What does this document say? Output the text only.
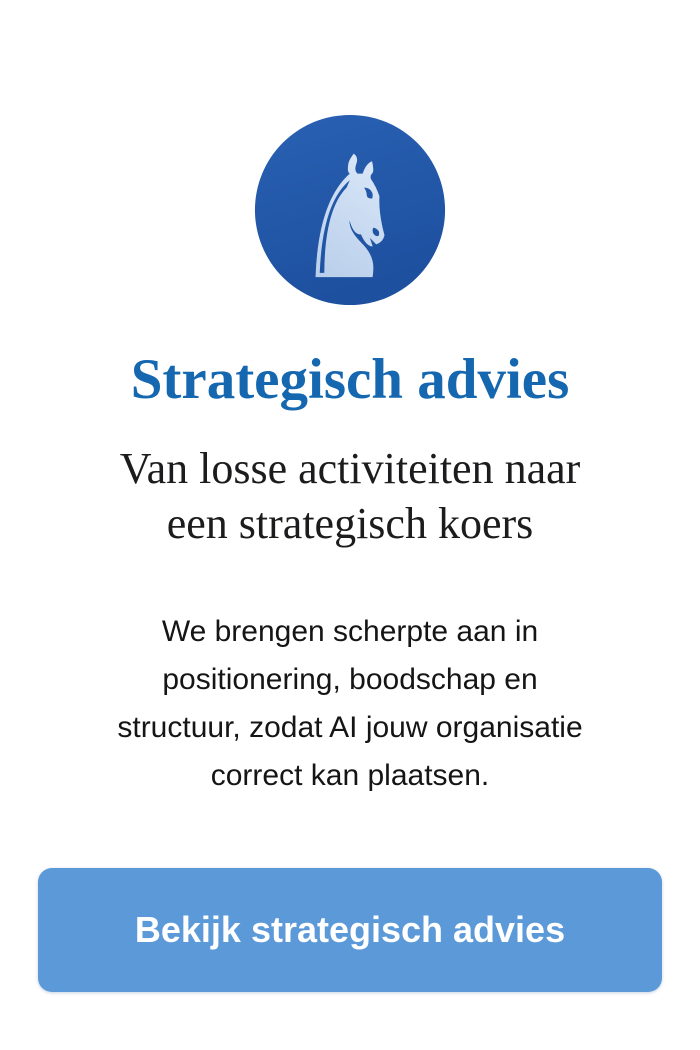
♞
Strategisch advies
Van losse activiteiten naar
een strategisch koers

We brengen scherpte aan in
positionering, boodschap en
structuur, zodat AI jouw organisatie
correct kan plaatsen.

Bekijk strategisch advies
